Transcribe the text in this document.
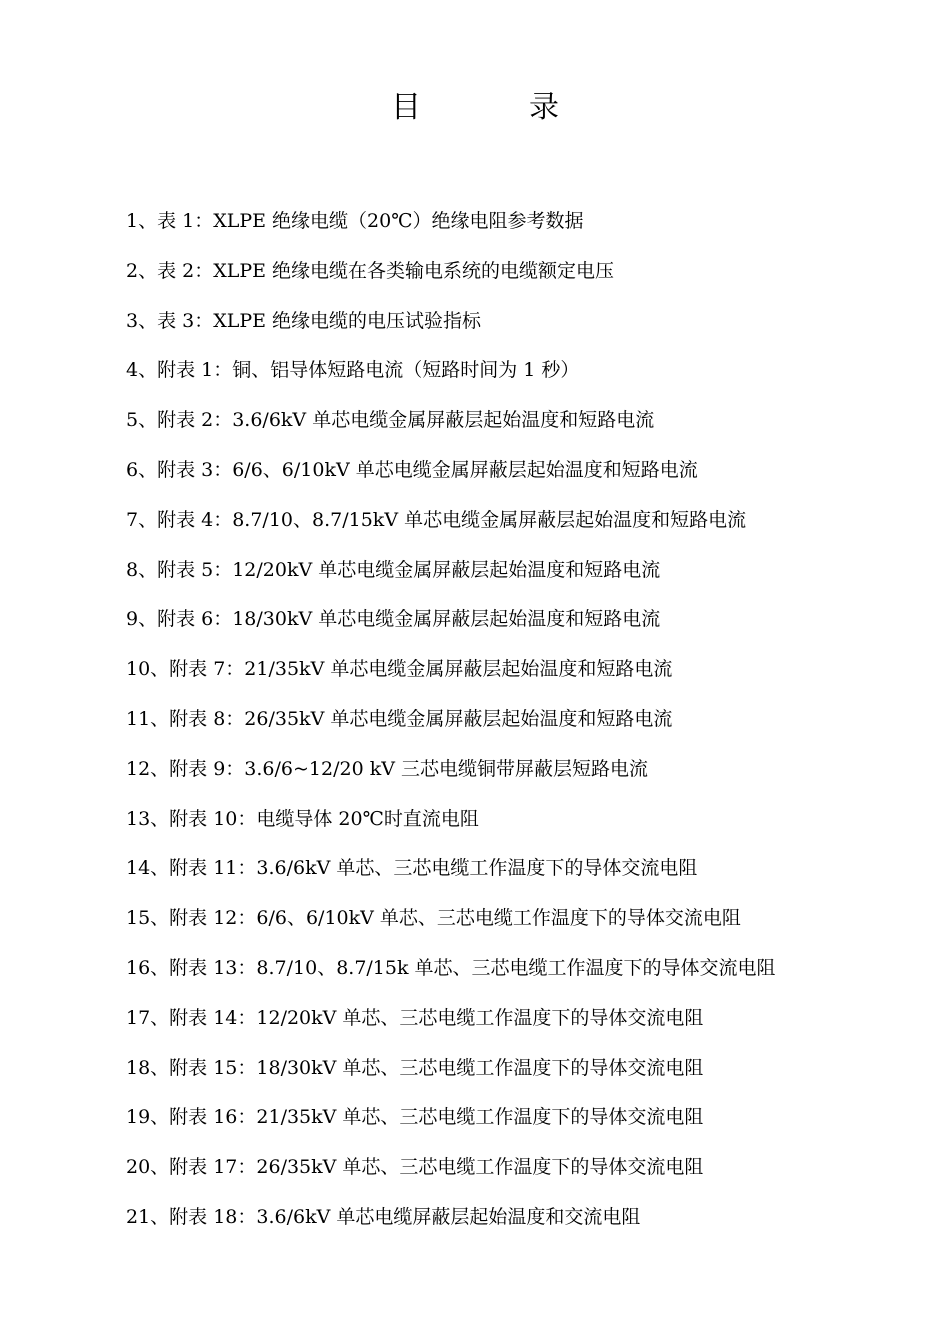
目	录
1、表 1：XLPE 绝缘电缆（20℃）绝缘电阻参考数据
2、表 2：XLPE 绝缘电缆在各类输电系统的电缆额定电压
3、表 3：XLPE 绝缘电缆的电压试验指标
4、附表 1：铜、铝导体短路电流（短路时间为 1 秒）
5、附表 2：3.6/6kV 单芯电缆金属屏蔽层起始温度和短路电流
6、附表 3：6/6、6/10kV 单芯电缆金属屏蔽层起始温度和短路电流
7、附表 4：8.7/10、8.7/15kV 单芯电缆金属屏蔽层起始温度和短路电流
8、附表 5：12/20kV 单芯电缆金属屏蔽层起始温度和短路电流
9、附表 6：18/30kV 单芯电缆金属屏蔽层起始温度和短路电流
10、附表 7：21/35kV 单芯电缆金属屏蔽层起始温度和短路电流
11、附表 8：26/35kV 单芯电缆金属屏蔽层起始温度和短路电流
12、附表 9：3.6/6~12/20 kV 三芯电缆铜带屏蔽层短路电流
13、附表 10：电缆导体 20℃时直流电阻
14、附表 11：3.6/6kV 单芯、三芯电缆工作温度下的导体交流电阻
15、附表 12：6/6、6/10kV 单芯、三芯电缆工作温度下的导体交流电阻
16、附表 13：8.7/10、8.7/15k 单芯、三芯电缆工作温度下的导体交流电阻
17、附表 14：12/20kV 单芯、三芯电缆工作温度下的导体交流电阻
18、附表 15：18/30kV 单芯、三芯电缆工作温度下的导体交流电阻
19、附表 16：21/35kV 单芯、三芯电缆工作温度下的导体交流电阻
20、附表 17：26/35kV 单芯、三芯电缆工作温度下的导体交流电阻
21、附表 18：3.6/6kV 单芯电缆屏蔽层起始温度和交流电阻
